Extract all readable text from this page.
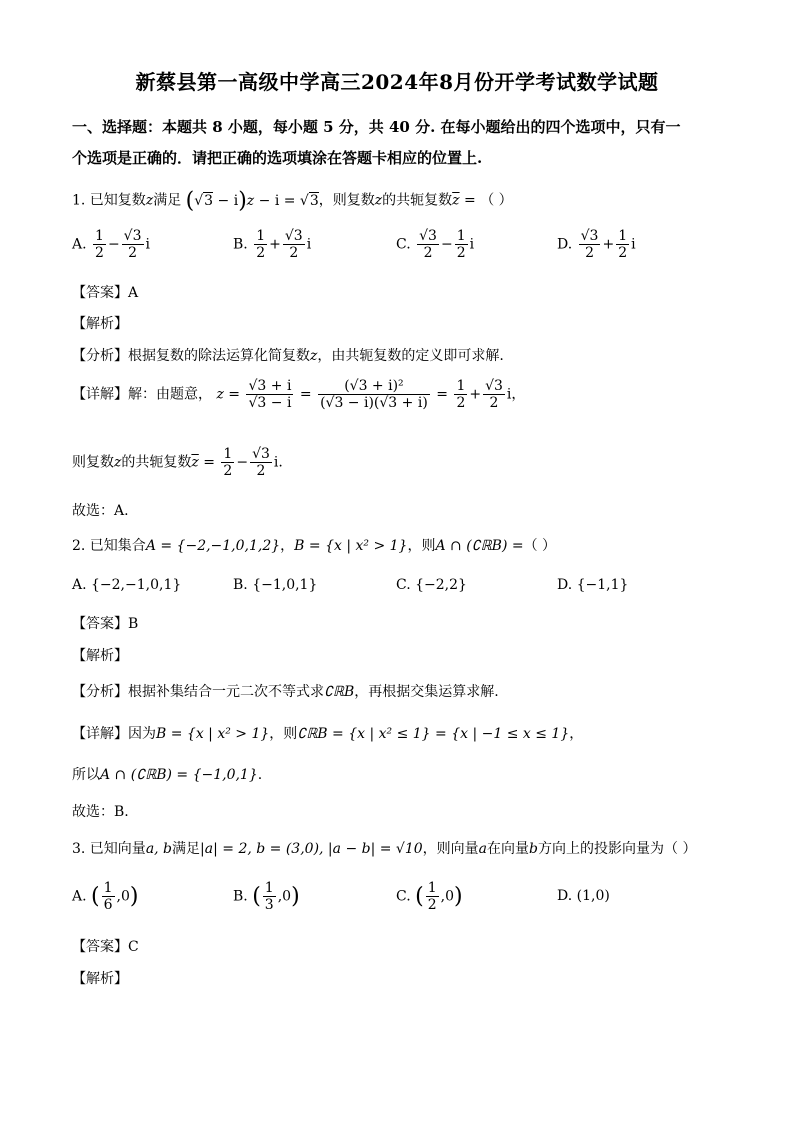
新蔡县第一高级中学高三2024年8月份开学考试数学试题
一、选择题：本题共 8 小题，每小题 5 分，共 40 分. 在每小题给出的四个选项中，只有一
个选项是正确的．请把正确的选项填涂在答题卡相应的位置上.
1. 已知复数z满足 (√3 − i)z − i = √3，则复数z的共轭复数$\overline{z}$ = （ ）
A. $\frac{1}{2} - \frac{√3}{2}$ i	B. $\frac{1}{2} + \frac{√3}{2}$ i	C. $\frac{√3}{2} - \frac{1}{2}$ i	D. $\frac{√3}{2} + \frac{1}{2}$ i
【答案】A
【解析】
【分析】根据复数的除法运算化简复数z，由共轭复数的定义即可求解.
【详解】解：由题意， $z = \frac{√3 + i}{√3 - i} = \frac{\text{(√3 + i)²}}{(√3 - i)(√3 + i)} = \frac{1}{2} + \frac{√3}{2}$ i，
则复数z的共轭复数$\overline{z} = \frac{1}{2} - \frac{√3}{2} i$.
故选：A.
2. 已知集合A = {−2,−1,0,1,2}，B = {x | x² > 1}，则A ∩ (∁ℝB) =（ ）
A. {−2,−1,0,1}	B. {−1,0,1}	C. {−2,2}	D. {−1,1}
【答案】B
【解析】
【分析】根据补集结合一元二次不等式求∁ℝB，再根据交集运算求解.
【详解】因为B = {x | x² > 1}，则∁ℝB = {x | x² ≤ 1} = {x | −1 ≤ x ≤ 1}，
所以A ∩ (∁ℝB) = {−1,0,1}.
故选：B.
3. 已知向量a, b满足|a| = 2, b = (3,0), |a − b| = √10，则向量a在向量b方向上的投影向量为（ ）
A. ( $\frac{1}{6} ,0$)	B. ( $\frac{1}{3} ,0$)	C. ( $\frac{1}{2} ,0$)	D. (1,0)
【答案】C
【解析】
